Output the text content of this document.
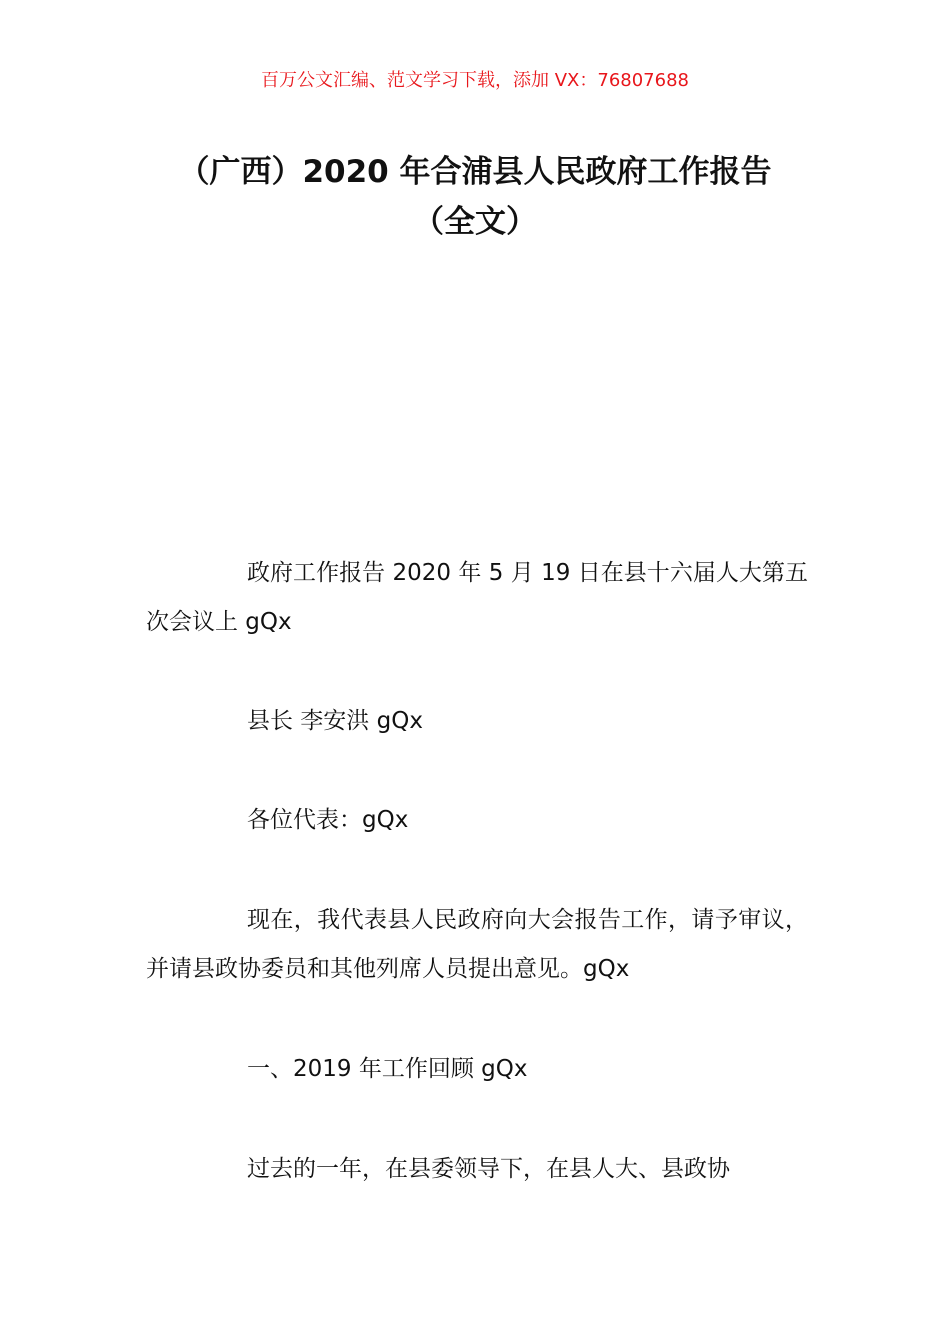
百万公文汇编、范文学习下载，添加 VX：76807688
（广西）2020 年合浦县人民政府工作报告
（全文）

政府工作报告 2020 年 5 月 19 日在县十六届人大第五次会议上 gQx

县长 李安洪 gQx

各位代表：gQx

现在，我代表县人民政府向大会报告工作，请予审议，并请县政协委员和其他列席人员提出意见。gQx

一、2019 年工作回顾 gQx

过去的一年，在县委领导下，在县人大、县政协
